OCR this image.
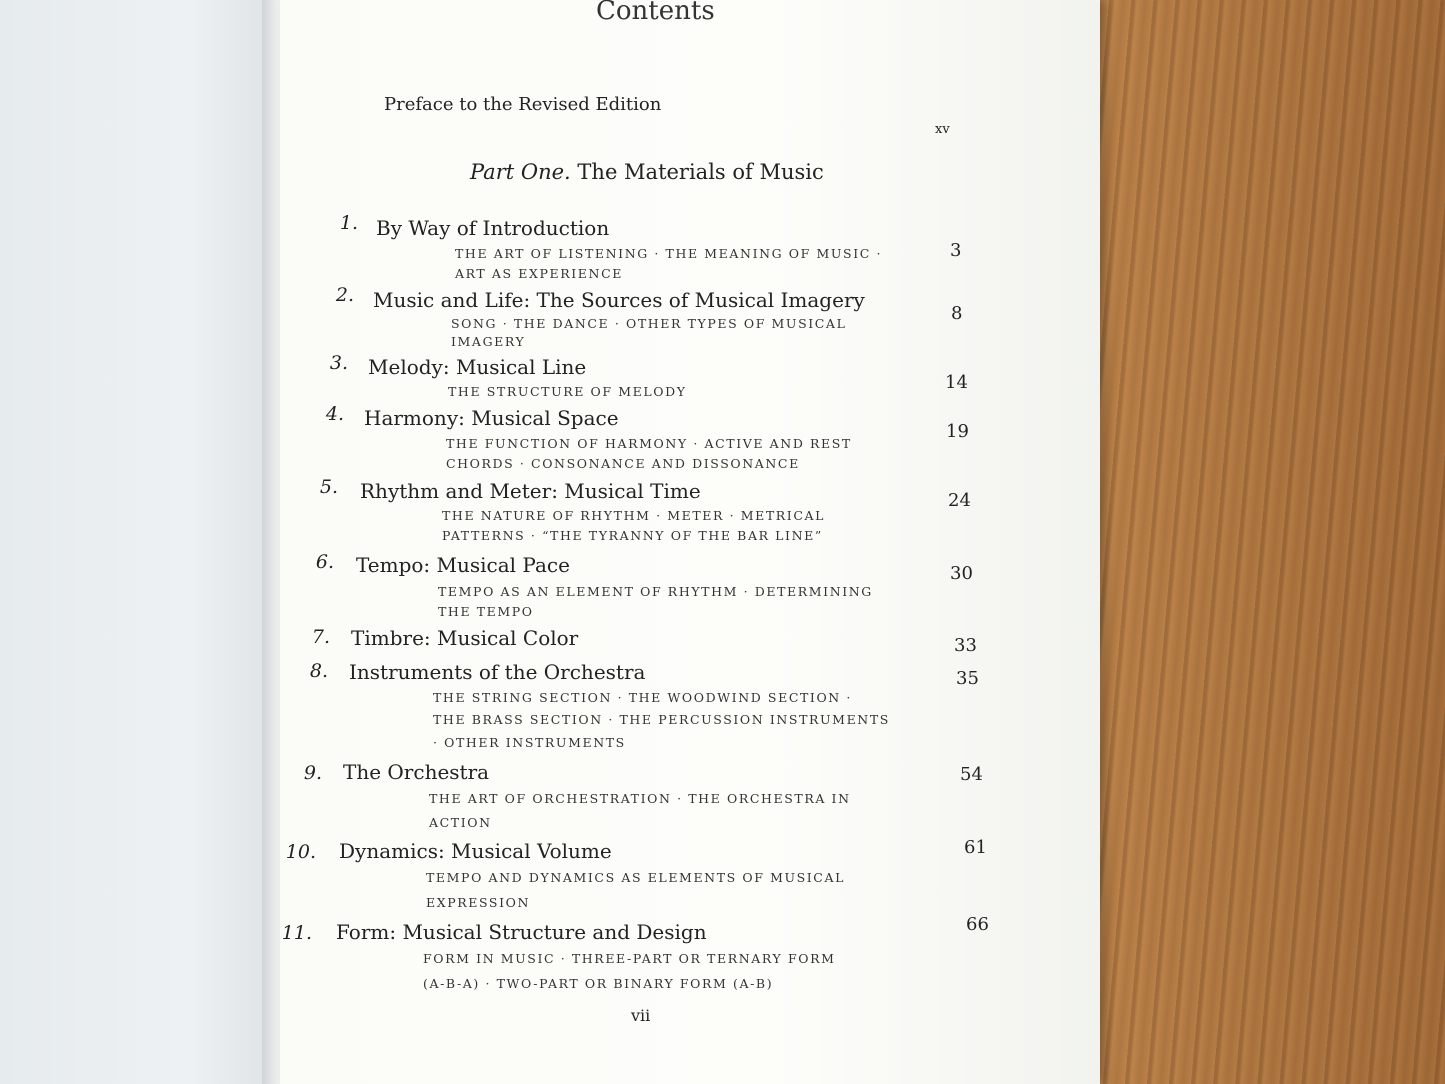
Contents
Preface to the Revised Edition
xv
Part One. The Materials of Music
1. By Way of Introduction
THE ART OF LISTENING · THE MEANING OF MUSIC ·
ART AS EXPERIENCE
3
2. Music and Life: The Sources of Musical Imagery
SONG · THE DANCE · OTHER TYPES OF MUSICAL
IMAGERY
8
3. Melody: Musical Line
THE STRUCTURE OF MELODY	14
4. Harmony: Musical Space
THE FUNCTION OF HARMONY · ACTIVE AND REST
CHORDS · CONSONANCE AND DISSONANCE
19
5. Rhythm and Meter: Musical Time
THE NATURE OF RHYTHM · METER · METRICAL
PATTERNS · “THE TYRANNY OF THE BAR LINE”
24
6. Tempo: Musical Pace
TEMPO AS AN ELEMENT OF RHYTHM · DETERMINING
THE TEMPO
30
7. Timbre: Musical Color	33
8. Instruments of the Orchestra
THE STRING SECTION · THE WOODWIND SECTION ·
THE BRASS SECTION · THE PERCUSSION INSTRUMENTS
· OTHER INSTRUMENTS
35
9. The Orchestra
THE ART OF ORCHESTRATION · THE ORCHESTRA IN
ACTION
54
10. Dynamics: Musical Volume
TEMPO AND DYNAMICS AS ELEMENTS OF MUSICAL
EXPRESSION
61
11. Form: Musical Structure and Design
FORM IN MUSIC · THREE-PART OR TERNARY FORM
(A-B-A) · TWO-PART OR BINARY FORM (A-B)
66
vii
